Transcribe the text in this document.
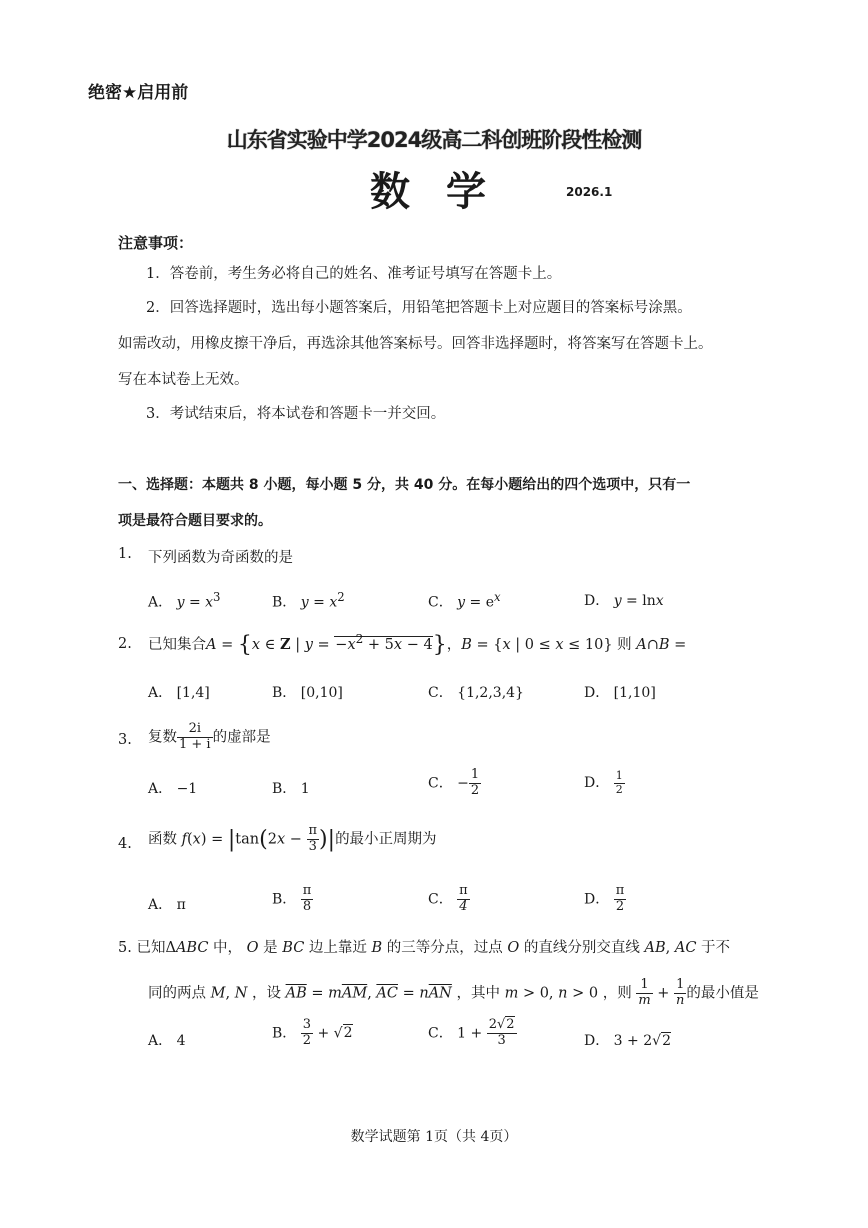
绝密★启用前
山东省实验中学2024级高二科创班阶段性检测
数学	2026.1
注意事项：
1．答卷前，考生务必将自己的姓名、准考证号填写在答题卡上。
2．回答选择题时，选出每小题答案后，用铅笔把答题卡上对应题目的答案标号涂黑。
如需改动，用橡皮擦干净后，再选涂其他答案标号。回答非选择题时，将答案写在答题卡上。
写在本试卷上无效。
3．考试结束后，将本试卷和答题卡一并交回。
一、选择题：本题共 8 小题，每小题 5 分，共 40 分。在每小题给出的四个选项中，只有一
项是最符合题目要求的。
1. 下列函数为奇函数的是
A． $y = x^3$	B． $y = x^2$	C． $y = e^x$	D． y = lnx
2. 已知集合A = {x ∈ Z | $y = -x^2 + 5x - 4$}，B = {x | 0 ≤ x ≤ 10} 则 A∩B =
A． [1,4]	B． [0,10]	C． {1,2,3,4}	D． [1,10]
3. 复数 $\frac{2i}{1 + i}$ 的虚部是
A． −1	B． 1	C． − $\frac{1}{2}$	D． $\frac{1}{2}$
4. 函数 $f(x) = |\tan(2x - \frac{\pi}{3}$ )|的最小正周期为
A． π	B． $\frac{\pi}{8}$	C． $\frac{\pi}{4}$	D． $\frac{\pi}{2}$
5. 已知ΔABC 中， O 是 BC 边上靠近 B 的三等分点，过点 O 的直线分别交直线 AB, AC 于不
同的两点 M, N ，设 $\overline{AB} = m\overline{AM}$, $\overline{AC} = n\overline{AN}$ ，其中 m > 0, n > 0 ，则 $\frac{1}{m} + \frac{1}{n}$ 的最小值是
A． 4	B． $\frac{3}{2} + √2$	C． $1 + \frac{2√2}{3}$	D． 3 + 2√2
数学试题第 1页（共 4页）
